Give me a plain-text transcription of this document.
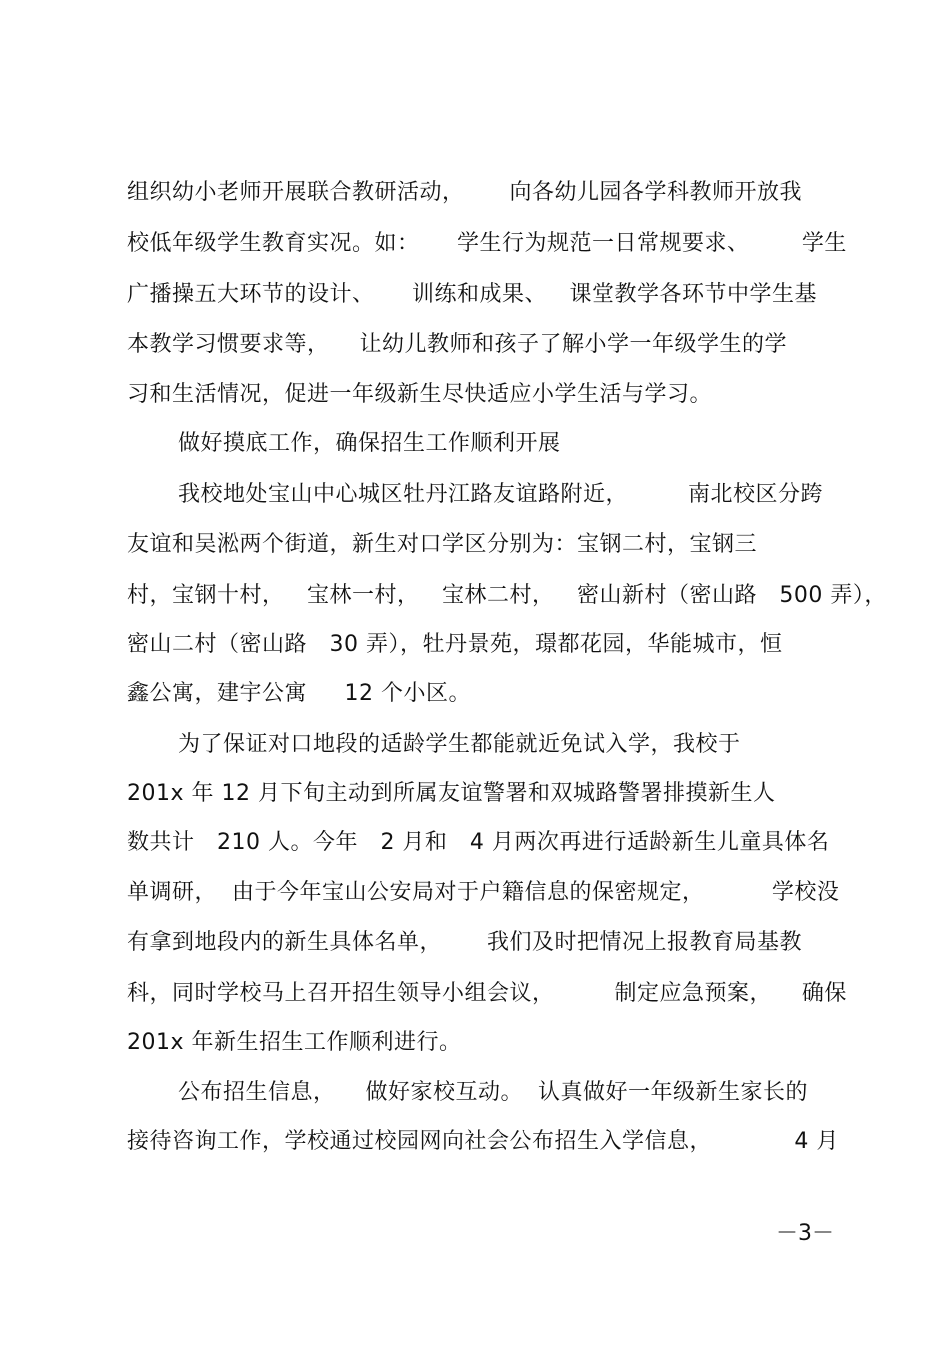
组织幼小老师开展联合教研活动，      向各幼儿园各学科教师开放我
校低年级学生教育实况。如：     学生行为规范一日常规要求、       学生
广播操五大环节的设计、     训练和成果、   课堂教学各环节中学生基
本教学习惯要求等，    让幼儿教师和孩子了解小学一年级学生的学
习和生活情况，促进一年级新生尽快适应小学生活与学习。
做好摸底工作，确保招生工作顺利开展
我校地处宝山中心城区牡丹江路友谊路附近，        南北校区分跨
友谊和吴淞两个街道，新生对口学区分别为：宝钢二村，宝钢三
村，宝钢十村，   宝林一村，   宝林二村，   密山新村（密山路   500 弄），
密山二村（密山路   30 弄），牡丹景苑，璟都花园，华能城市，恒
鑫公寓，建宇公寓     12 个小区。
为了保证对口地段的适龄学生都能就近免试入学，我校于
201x 年 12 月下旬主动到所属友谊警署和双城路警署排摸新生人
数共计   210 人。今年   2 月和   4 月两次再进行适龄新生儿童具体名
单调研，  由于今年宝山公安局对于户籍信息的保密规定，         学校没
有拿到地段内的新生具体名单，      我们及时把情况上报教育局基教
科，同时学校马上召开招生领导小组会议，        制定应急预案，    确保
201x 年新生招生工作顺利进行。
公布招生信息，    做好家校互动。  认真做好一年级新生家长的
接待咨询工作，学校通过校园网向社会公布招生入学信息，           4 月
－3－
